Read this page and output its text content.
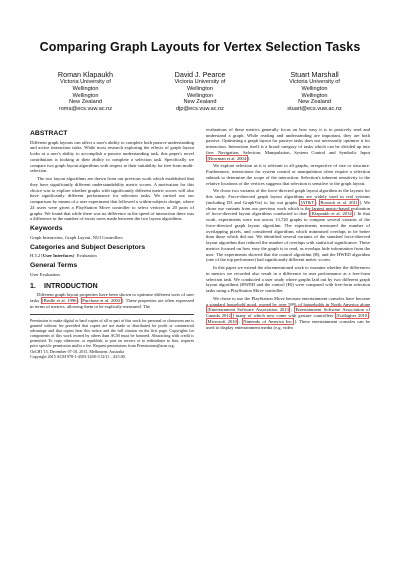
Comparing Graph Layouts for Vertex Selection Tasks
Roman Klapaukh
Victoria University of
Wellington
Wellington
New Zealand
roma@ecs.vuw.ac.nz
David J. Pearce
Victoria University of
Wellington
Wellington
New Zealand
djp@ecs.vuw.ac.nz
Stuart Marshall
Victoria University of
Wellington
Wellington
New Zealand
stuart@ecs.vuw.ac.nz
ABSTRACT

Different graph layouts can affect a user's ability to complete both passive understanding and active interaction tasks. While most research exploring the effects of graph layout looks at a user's ability to accomplish a passive understanding task, this paper's novel contribution is looking at their ability to complete a selection task. Specifically we compare two graph layout algorithms with respect to their suitability for free-form multi-selection.

The two layout algorithms are drawn from our previous work which established that they have significantly different understandability metric scores. A motivation for this choice was to explore whether graphs with significantly different metric scores will also have significantly different performance for selection tasks. We carried out our comparison by means of a user experiment that followed a within-subjects design, where 24 users were given a PlayStation Move controller to select vertices in 20 pairs of graphs. We found that while there was no difference in the speed of interaction there was a difference in the number of errors users made between the two layout algorithms.

Keywords

Graph Interaction, Graph Layout, NUI Controllers

Categories and Subject Descriptors

H.5.2 [User Interfaces]: Evaluation

General Terms

User Evaluation

1. INTRODUCTION

Different graph layout properties have been shown to optimise different sorts of user tasks [Bridle et al. 1996 ; Purchase et al. 2002 ]. These properties are often expressed in terms of metrics, allowing them to be explicitly measured. The

Permission to make digital or hard copies of all or part of this work for personal or classroom use is granted without fee provided that copies are not made or distributed for profit or commercial advantage and that copies bear this notice and the full citation on the first page. Copyrights for components of this work owned by others than ACM must be honored. Abstracting with credit is permitted. To copy otherwise, or republish, to post on servers or to redistribute to lists, requires prior specific permission and/or a fee. Request permissions from Permissions@acm.org.
OzCHI '15, December 07-10, 2015, Melbourne, Australia
Copyright 2015 ACM 978-1-4503-1438-1/12/11 ...$15.00.

evaluations of these metrics generally focus on how easy it is to passively read and understand a graph. While reading and understanding are important, they are both passive. Optimising a graph layout for passive tasks does not necessarily optimise it for interaction. Interaction itself is a broad category of tasks which can be divided up into five: Navigation, Selection, Manipulation, System Control and Symbolic Input [Bowman et al. 2004 ].

We explore selection as it is relevant to all graphs, irrespective of size or structure. Furthermore, interactions for system control or manipulation often require a selection subtask to determine the scope of the interaction. Selection's inherent sensitivity to the relative locations of the vertices suggests that selection is sensitive to the graph layout.

We chose two variants of the force-directed graph layout algorithm as the layouts for this study. Force-directed graph layout algorithms are widely used in real systems (including D3 and GraphViz) to lay out graphs [AT&T ; Bostock et al. 2011 ]. We chose our variants from our previous work which is the largest metric-based evaluation of force-directed layout algorithms conducted to date [Klapaukh et al. 2014 ]. In that work, experiments were run across 13,720 graphs to compare several variants of the force-directed graph layout algorithm. The experiments measured the number of overlapping pixels, and considered algorithms which minimised overlaps to be better than those which did not. We identified several variants of the standard force-directed layout algorithm that reduced the number of overlaps with statistical significance. These metrics focused on how easy the graph is to read, as overlaps hide information from the user. The experiments showed that the control algorithm (H), and the HWED algorithm (one of the top performers) had significantly different metric scores.

In this paper we extend the aforementioned work to examine whether the differences in metrics we recorded also result in a difference in user performance at a free-form selection task. We conducted a user study where graphs laid out by two different graph layout algorithms (HWED and the control (H)) were compared with free-form selection tasks using a PlayStation Move controller.

We chose to use the PlayStation Move because entertainment consoles have become a standard household good, owned by over 50% of households in North America alone [Entertainment Software Association 2013 ; Entertainment Software Association of Canada 2012 ] many of which now come with gesture controllers [Gallagher 2010 ; Microsoft 2010 ; Nintendo of America Inc. ]. These entertainment consoles can be used to display entertainment media (e.g. video
